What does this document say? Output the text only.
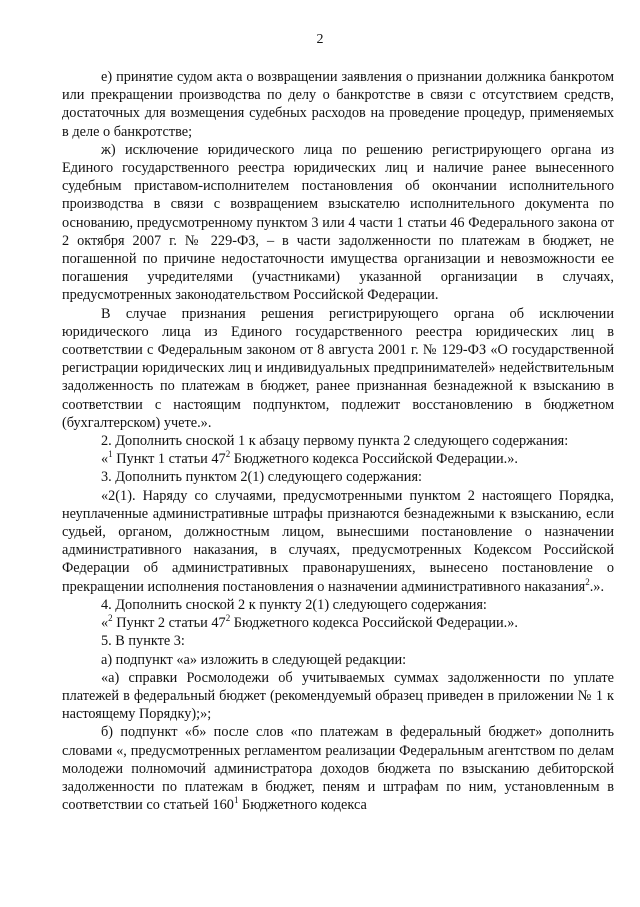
2

е) принятие судом акта о возвращении заявления о признании должника банкротом или прекращении производства по делу о банкротстве в связи с отсутствием средств, достаточных для возмещения судебных расходов на проведение процедур, применяемых в деле о банкротстве;

ж) исключение юридического лица по решению регистрирующего органа из Единого государственного реестра юридических лиц и наличие ранее вынесенного судебным приставом-исполнителем постановления об окончании исполнительного производства в связи с возвращением взыскателю исполнительного документа по основанию, предусмотренному пунктом 3 или 4 части 1 статьи 46 Федерального закона от 2 октября 2007 г. № 229-ФЗ, – в части задолженности по платежам в бюджет, не погашенной по причине недостаточности имущества организации и невозможности ее погашения учредителями (участниками) указанной организации в случаях, предусмотренных законодательством Российской Федерации.

В случае признания решения регистрирующего органа об исключении юридического лица из Единого государственного реестра юридических лиц в соответствии с Федеральным законом от 8 августа 2001 г. № 129-ФЗ «О государственной регистрации юридических лиц и индивидуальных предпринимателей» недействительным задолженность по платежам в бюджет, ранее признанная безнадежной к взысканию в соответствии с настоящим подпунктом, подлежит восстановлению в бюджетном (бухгалтерском) учете.».

2. Дополнить сноской 1 к абзацу первому пункта 2 следующего содержания:

«$^1$ Пункт 1 статьи $47^2$ Бюджетного кодекса Российской Федерации.».

3. Дополнить пунктом 2(1) следующего содержания:

«2(1). Наряду со случаями, предусмотренными пунктом 2 настоящего Порядка, неуплаченные административные штрафы признаются безнадежными к взысканию, если судьей, органом, должностным лицом, вынесшими постановление о назначении административного наказания, в случаях, предусмотренных Кодексом Российской Федерации об административных правонарушениях, вынесено постановление о прекращении исполнения постановления о назначении административного наказания$^2$.».

4. Дополнить сноской 2 к пункту 2(1) следующего содержания:

«$^2$ Пункт 2 статьи $47^2$ Бюджетного кодекса Российской Федерации.».

5. В пункте 3:

а) подпункт «а» изложить в следующей редакции:

«а) справки Росмолодежи об учитываемых суммах задолженности по уплате платежей в федеральный бюджет (рекомендуемый образец приведен в приложении № 1 к настоящему Порядку);»;

б) подпункт «б» после слов «по платежам в федеральный бюджет» дополнить словами «, предусмотренных регламентом реализации Федеральным агентством по делам молодежи полномочий администратора доходов бюджета по взысканию дебиторской задолженности по платежам в бюджет, пеням и штрафам по ним, установленным в соответствии со статьей $160^1$ Бюджетного кодекса
